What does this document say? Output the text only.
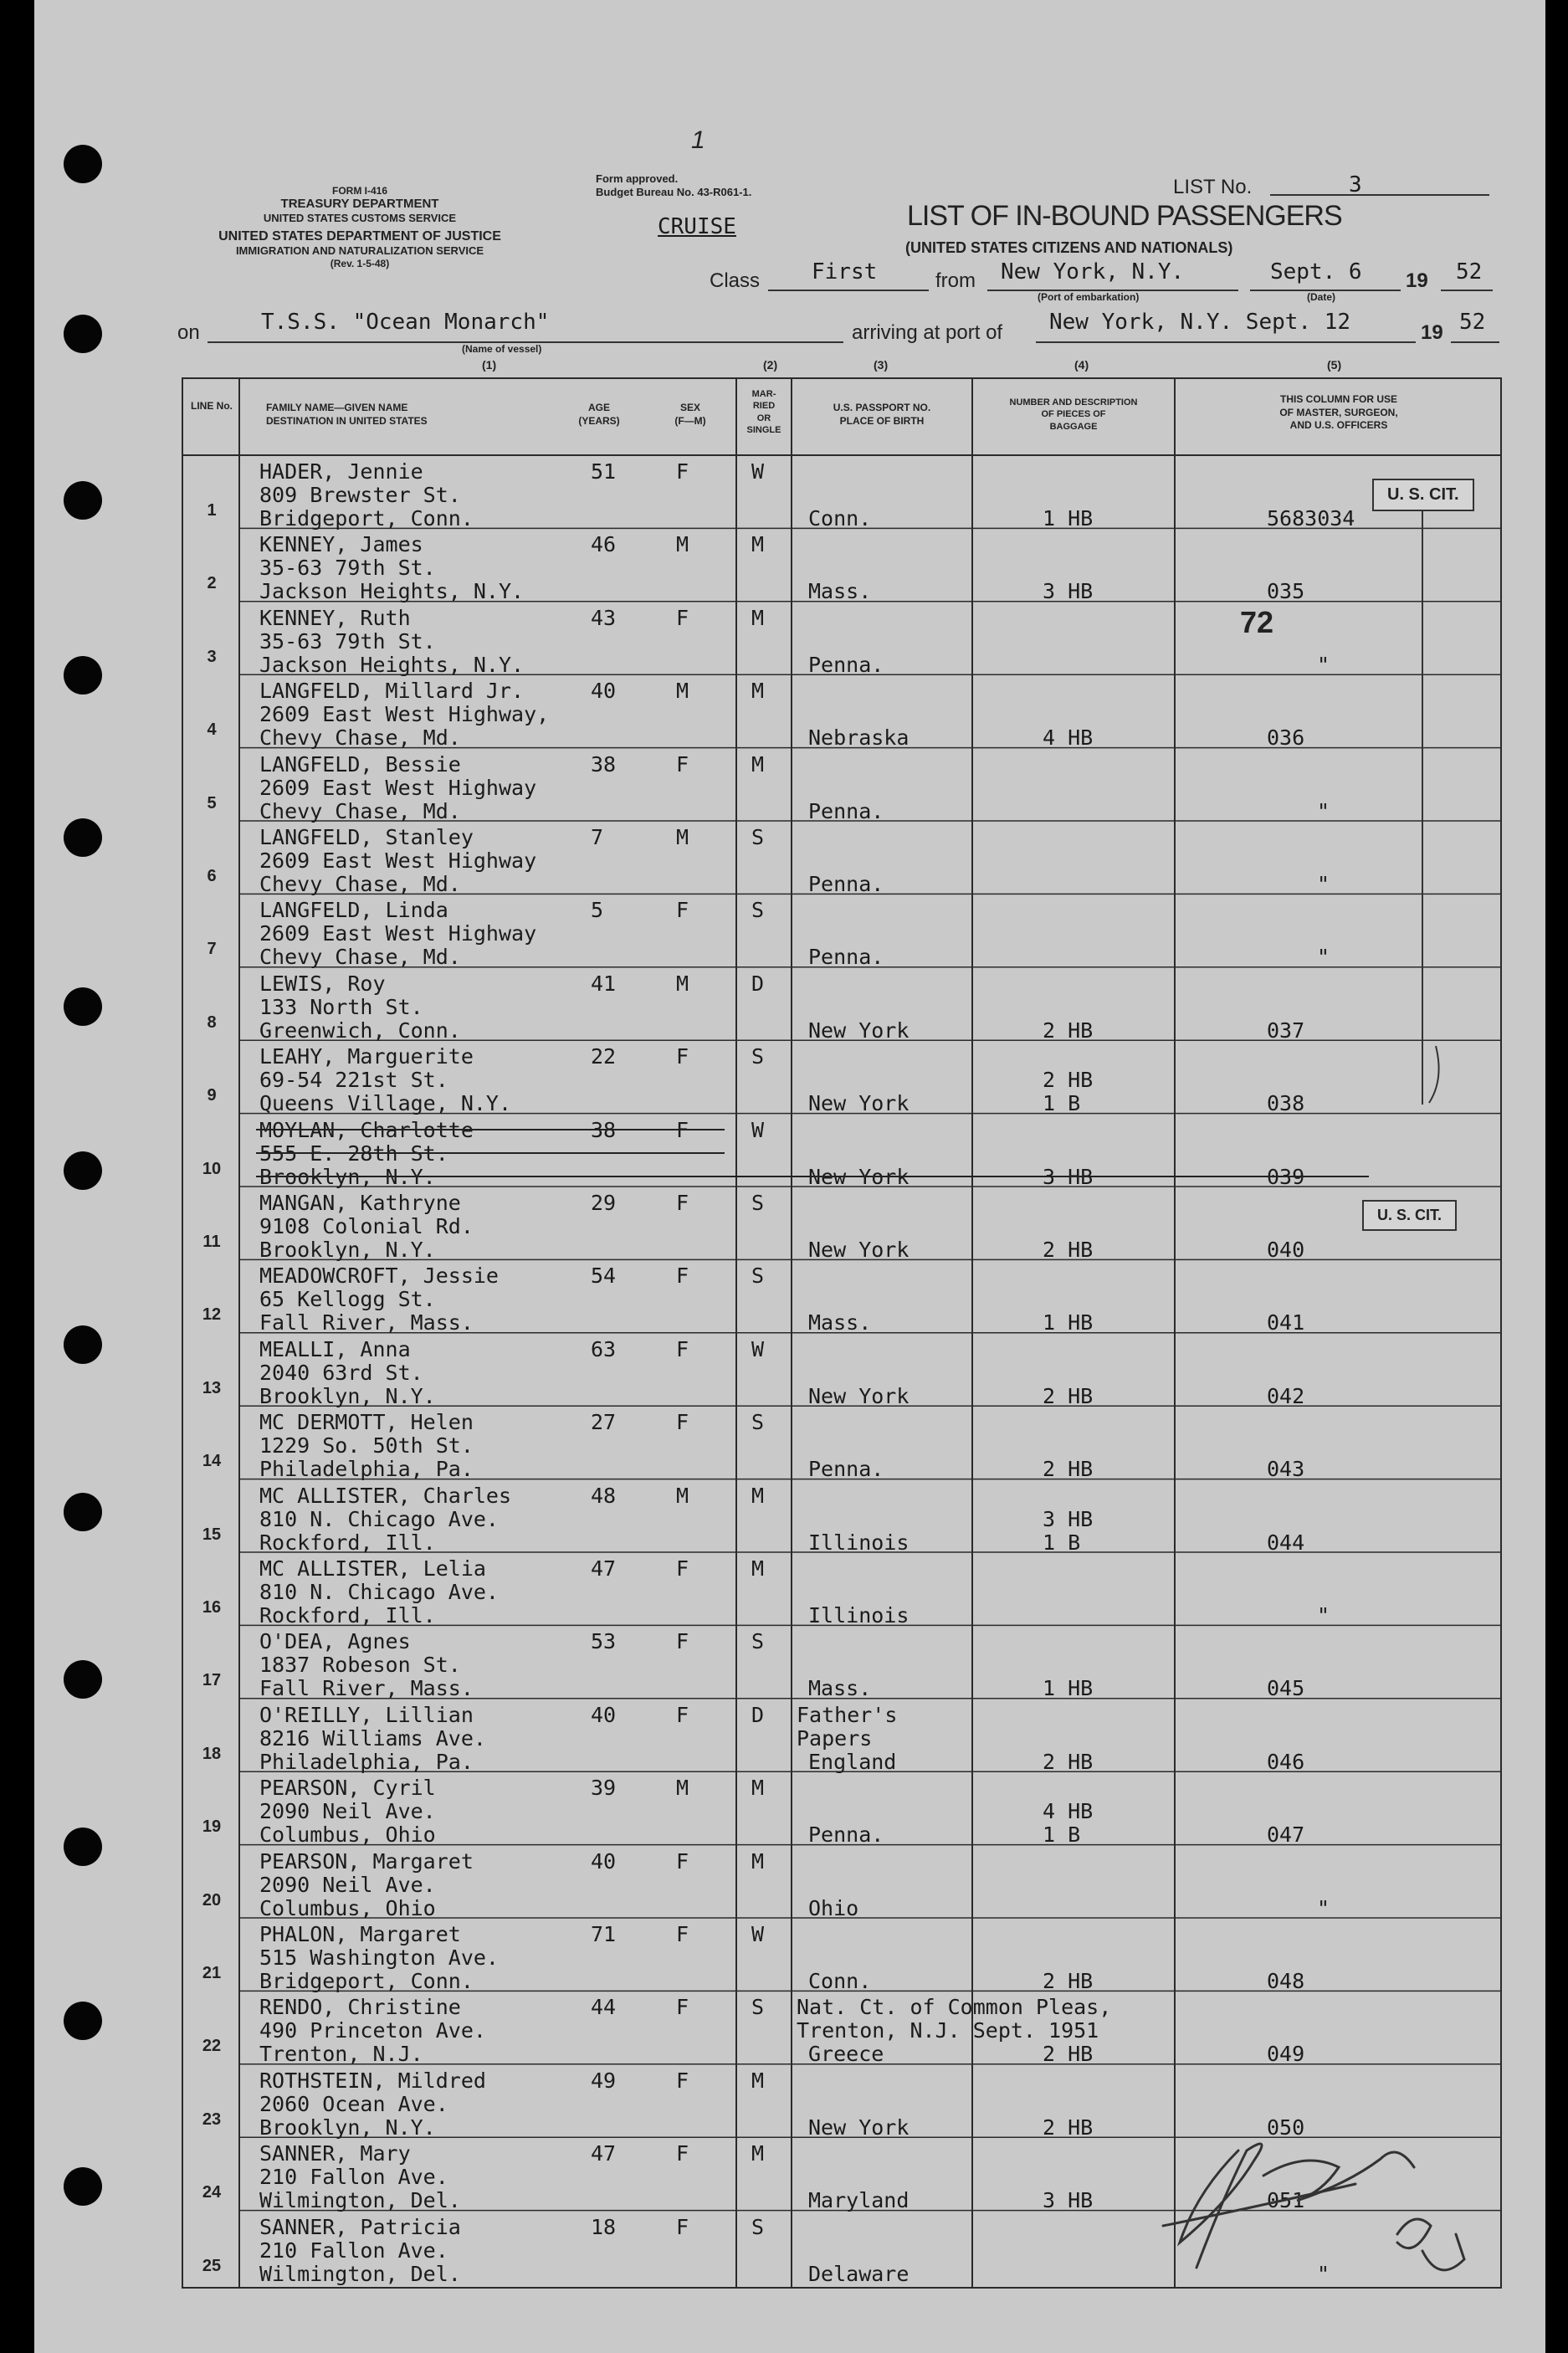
1
FORM I-416
TREASURY DEPARTMENT
UNITED STATES CUSTOMS SERVICE
UNITED STATES DEPARTMENT OF JUSTICE
IMMIGRATION AND NATURALIZATION SERVICE
(Rev. 1-5-48)
Form approved.
Budget Bureau No. 43-R061-1.
CRUISE
LIST No.	3
LIST OF IN-BOUND PASSENGERS
(UNITED STATES CITIZENS AND NATIONALS)
Class First	from New York, N.Y.
(Port of embarkation)
Sept. 6
(Date)
19 52
on	T.S.S. "Ocean Monarch"
(Name of vessel)
arriving at port of New York, N.Y. Sept. 12	19 52
(1)	(2)	(3)	(4)	(5)
LINE No.	FAMILY NAME—GIVEN NAME
DESTINATION IN UNITED STATES
AGE
(YEARS)
SEX
(F—M)
MAR-
RIED
OR
SINGLE
U.S. PASSPORT NO.
PLACE OF BIRTH
NUMBER AND DESCRIPTION
OF PIECES OF
BAGGAGE
THIS COLUMN FOR USE
OF MASTER, SURGEON,
AND U.S. OFFICERS
HADER, Jennie
809 Brewster St.
Bridgeport, Conn.
51	F	W
Conn.	1 HB	5683034
KENNEY, James
35-63 79th St.
Jackson Heights, N.Y.
46	M	M
Mass.	3 HB	035
KENNEY, Ruth
35-63 79th St.
Jackson Heights, N.Y.
43	F	M
Penna.	"
LANGFELD, Millard Jr.
2609 East West Highway,
Chevy Chase, Md.
40	M	M
Nebraska	4 HB	036
LANGFELD, Bessie
2609 East West Highway
Chevy Chase, Md.
38	F	M
Penna.	"
LANGFELD, Stanley
2609 East West Highway
Chevy Chase, Md.
7	M	S
Penna.	"
LANGFELD, Linda
2609 East West Highway
Chevy Chase, Md.
5	F	S
Penna.	"
LEWIS, Roy
133 North St.
Greenwich, Conn.
41	M	D
New York	2 HB	037
LEAHY, Marguerite
69-54 221st St.
Queens Village, N.Y.
22	F	S
New York
2 HB
1 B	038
MOYLAN, Charlotte
555 E. 28th St.
Brooklyn, N.Y.
38	F	W
New York	3 HB	039
MANGAN, Kathryne
9108 Colonial Rd.
Brooklyn, N.Y.
29	F	S
New York	2 HB	040
MEADOWCROFT, Jessie
65 Kellogg St.
Fall River, Mass.
54	F	S
Mass.	1 HB	041
MEALLI, Anna
2040 63rd St.
Brooklyn, N.Y.
63	F	W
New York	2 HB	042
MC DERMOTT, Helen
1229 So. 50th St.
Philadelphia, Pa.
27	F	S
Penna.	2 HB	043
MC ALLISTER, Charles
810 N. Chicago Ave.
Rockford, Ill.
48	M	M
Illinois
3 HB
1 B	044
MC ALLISTER, Lelia
810 N. Chicago Ave.
Rockford, Ill.
47	F	M
Illinois	"
O'DEA, Agnes
1837 Robeson St.
Fall River, Mass.
53	F	S
Mass.	1 HB	045
O'REILLY, Lillian
8216 Williams Ave.
Philadelphia, Pa.
40	F	D Father's
Papers
England	2 HB	046
PEARSON, Cyril
2090 Neil Ave.
Columbus, Ohio
39	M	M
Penna.
4 HB
1 B	047
PEARSON, Margaret
2090 Neil Ave.
Columbus, Ohio
40	F	M
Ohio	"
PHALON, Margaret
515 Washington Ave.
Bridgeport, Conn.
71	F	W
Conn.	2 HB	048
RENDO, Christine
490 Princeton Ave.
Trenton, N.J.
44	F	S Nat. Ct. of Common Pleas,
Trenton, N.J. Sept. 1951
Greece	2 HB	049
ROTHSTEIN, Mildred
2060 Ocean Ave.
Brooklyn, N.Y.
49	F	M
New York	2 HB	050
SANNER, Mary
210 Fallon Ave.
Wilmington, Del.
47	F	M
Maryland	3 HB	051
SANNER, Patricia
210 Fallon Ave.
Wilmington, Del.
18	F	S
Delaware	"
1
2
3
4
5
6
7
8
9
10
11
12
13
14
15
16
17
18
19
20
21
22
23
24
25
U. S. CIT.
U. S. CIT.
72
